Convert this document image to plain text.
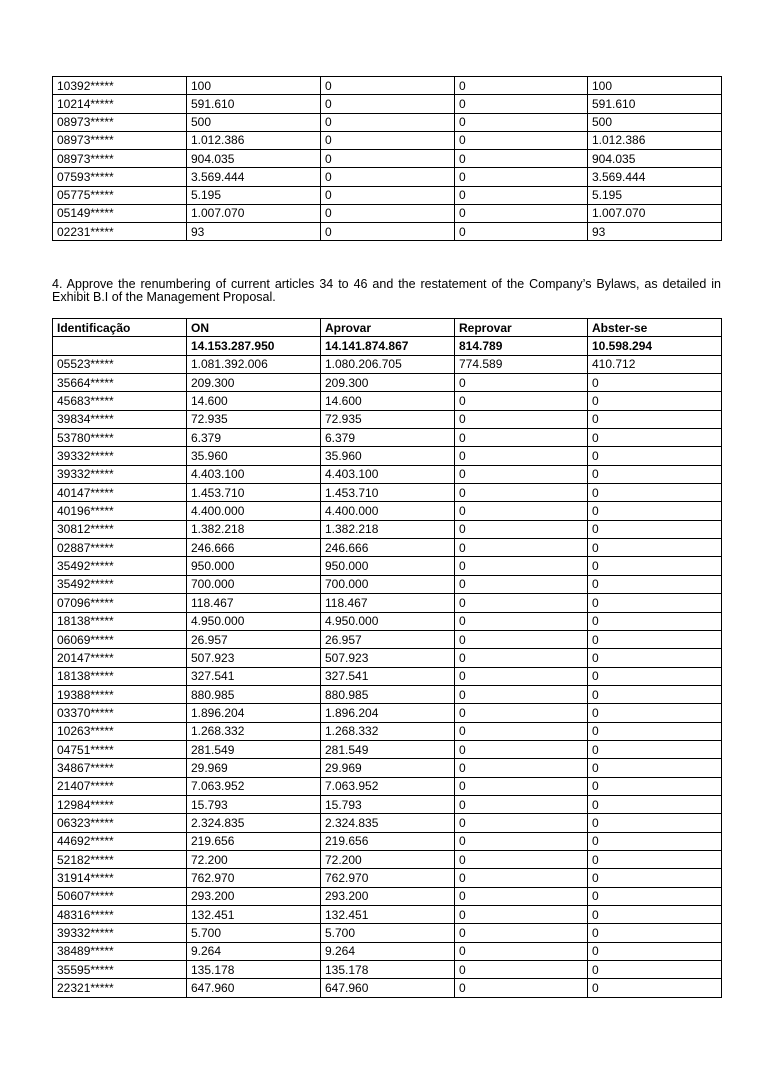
10392*****	100	0	0	100
10214*****	591.610	0	0	591.610
08973*****	500	0	0	500
08973*****	1.012.386	0	0	1.012.386
08973*****	904.035	0	0	904.035
07593*****	3.569.444	0	0	3.569.444
05775*****	5.195	0	0	5.195
05149*****	1.007.070	0	0	1.007.070
02231*****	93	0	0	93

4. Approve the renumbering of current articles 34 to 46 and the restatement of the Company’s Bylaws, as detailed in Exhibit B.I of the Management Proposal.

Identificação	ON	Aprovar	Reprovar	Abster-se
	14.153.287.950	14.141.874.867	814.789	10.598.294
05523*****	1.081.392.006	1.080.206.705	774.589	410.712
35664*****	209.300	209.300	0	0
45683*****	14.600	14.600	0	0
39834*****	72.935	72.935	0	0
53780*****	6.379	6.379	0	0
39332*****	35.960	35.960	0	0
39332*****	4.403.100	4.403.100	0	0
40147*****	1.453.710	1.453.710	0	0
40196*****	4.400.000	4.400.000	0	0
30812*****	1.382.218	1.382.218	0	0
02887*****	246.666	246.666	0	0
35492*****	950.000	950.000	0	0
35492*****	700.000	700.000	0	0
07096*****	118.467	118.467	0	0
18138*****	4.950.000	4.950.000	0	0
06069*****	26.957	26.957	0	0
20147*****	507.923	507.923	0	0
18138*****	327.541	327.541	0	0
19388*****	880.985	880.985	0	0
03370*****	1.896.204	1.896.204	0	0
10263*****	1.268.332	1.268.332	0	0
04751*****	281.549	281.549	0	0
34867*****	29.969	29.969	0	0
21407*****	7.063.952	7.063.952	0	0
12984*****	15.793	15.793	0	0
06323*****	2.324.835	2.324.835	0	0
44692*****	219.656	219.656	0	0
52182*****	72.200	72.200	0	0
31914*****	762.970	762.970	0	0
50607*****	293.200	293.200	0	0
48316*****	132.451	132.451	0	0
39332*****	5.700	5.700	0	0
38489*****	9.264	9.264	0	0
35595*****	135.178	135.178	0	0
22321*****	647.960	647.960	0	0
